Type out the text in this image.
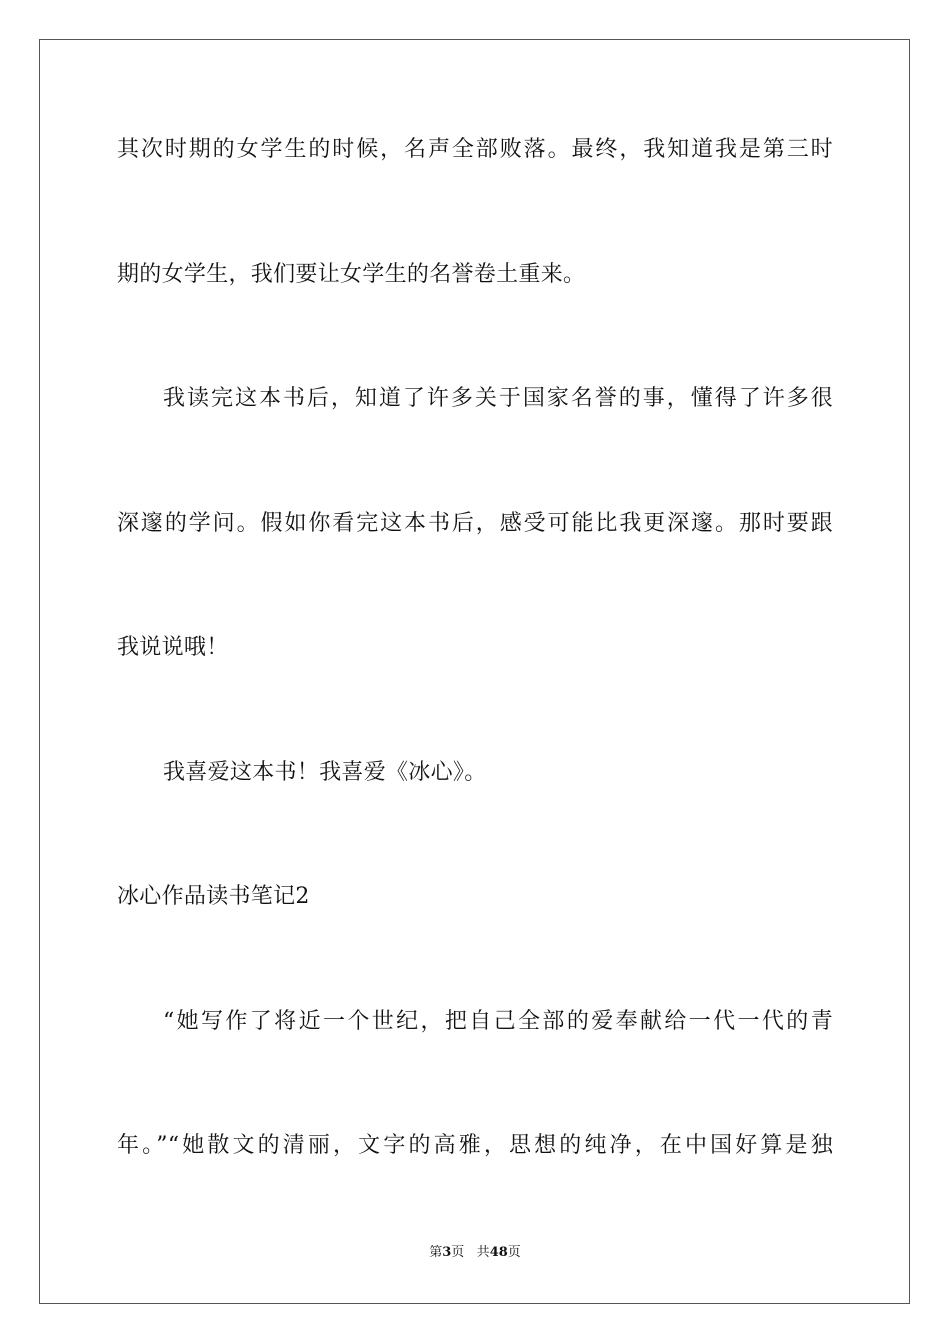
其次时期的女学生的时候，名声全部败落。最终，我知道我是第三时
期的女学生，我们要让女学生的名誉卷土重来。
我读完这本书后，知道了许多关于国家名誉的事，懂得了许多很
深邃的学问。假如你看完这本书后，感受可能比我更深邃。那时要跟
我说说哦！
我喜爱这本书！我喜爱《冰心》。
冰心作品读书笔记2
“她写作了将近一个世纪，把自己全部的爱奉献给一代一代的青
年。”“她散文的清丽，文字的高雅，思想的纯净，在中国好算是独
第3页 共48页
